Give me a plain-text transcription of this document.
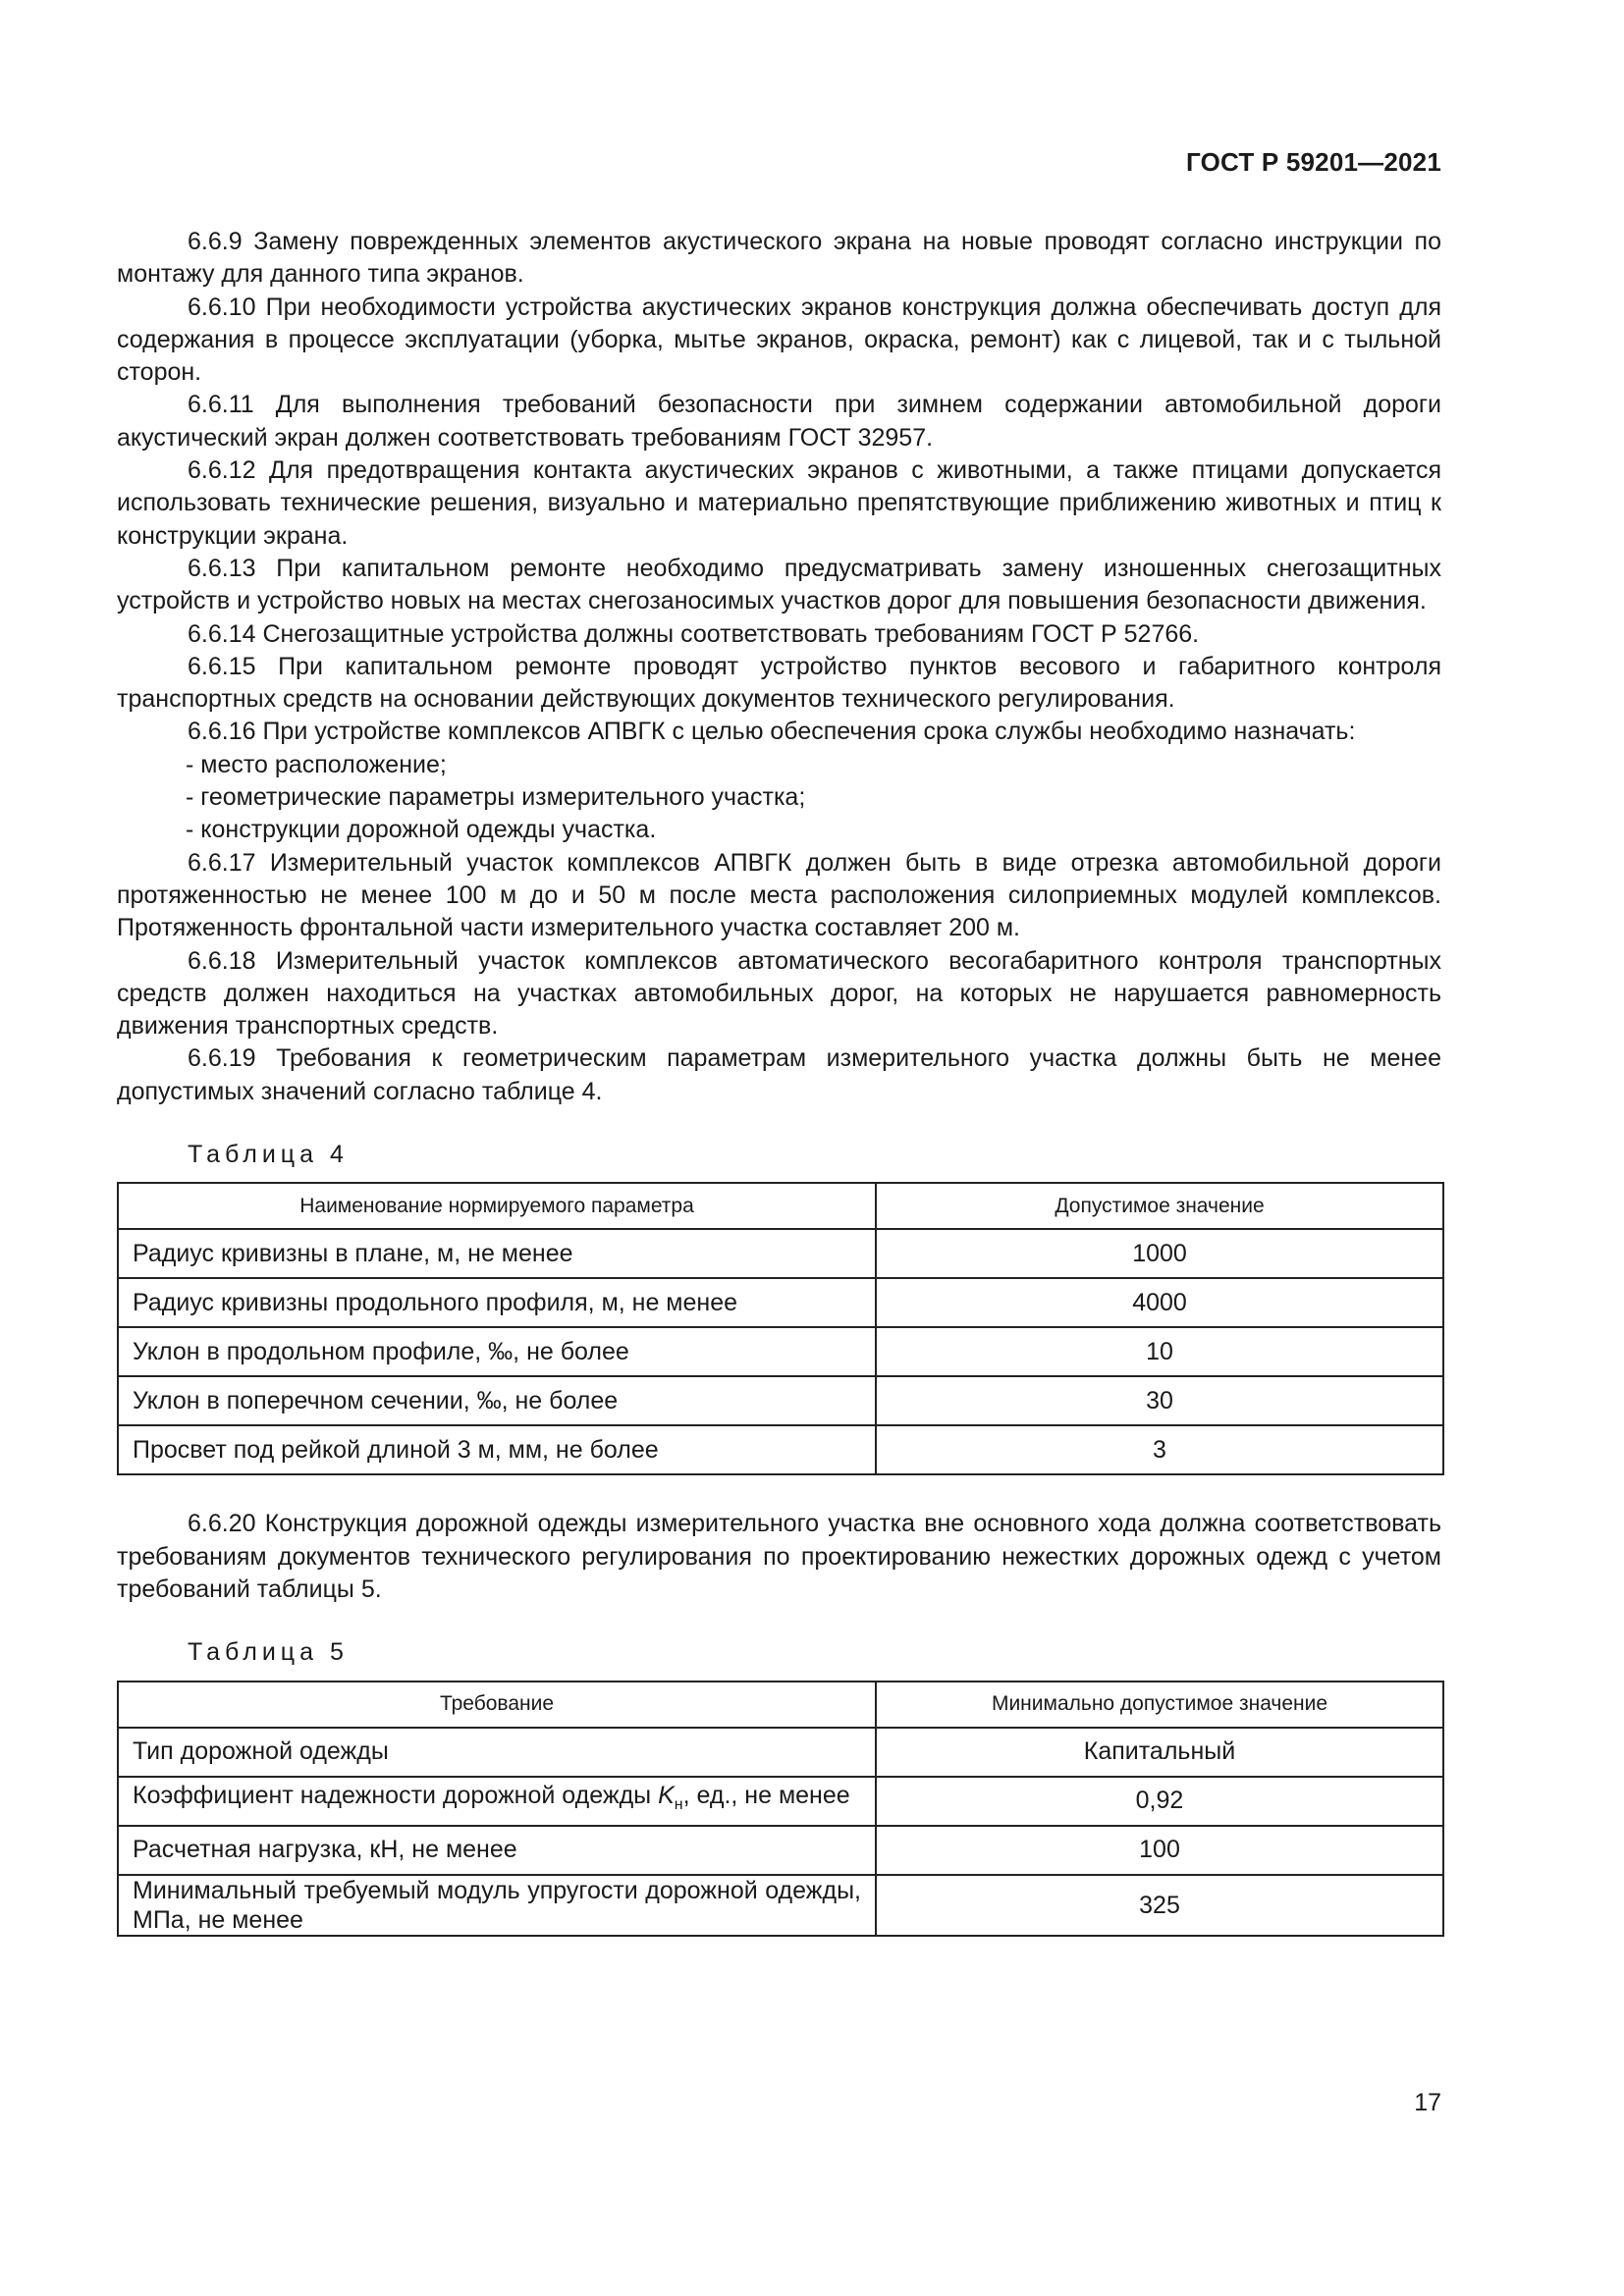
ГОСТ Р 59201—2021

6.6.9 Замену поврежденных элементов акустического экрана на новые проводят согласно инструкции по монтажу для данного типа экранов.

6.6.10 При необходимости устройства акустических экранов конструкция должна обеспечивать доступ для содержания в процессе эксплуатации (уборка, мытье экранов, окраска, ремонт) как с лицевой, так и с тыльной сторон.

6.6.11 Для выполнения требований безопасности при зимнем содержании автомобильной дороги акустический экран должен соответствовать требованиям ГОСТ 32957.

6.6.12 Для предотвращения контакта акустических экранов с животными, а также птицами допускается использовать технические решения, визуально и материально препятствующие приближению животных и птиц к конструкции экрана.

6.6.13 При капитальном ремонте необходимо предусматривать замену изношенных снегозащитных устройств и устройство новых на местах снегозаносимых участков дорог для повышения безопасности движения.

6.6.14 Снегозащитные устройства должны соответствовать требованиям ГОСТ Р 52766.

6.6.15 При капитальном ремонте проводят устройство пунктов весового и габаритного контроля транспортных средств на основании действующих документов технического регулирования.

6.6.16 При устройстве комплексов АПВГК с целью обеспечения срока службы необходимо назначать:

- место расположение;

- геометрические параметры измерительного участка;

- конструкции дорожной одежды участка.

6.6.17 Измерительный участок комплексов АПВГК должен быть в виде отрезка автомобильной дороги протяженностью не менее 100 м до и 50 м после места расположения силоприемных модулей комплексов. Протяженность фронтальной части измерительного участка составляет 200 м.

6.6.18 Измерительный участок комплексов автоматического весогабаритного контроля транспортных средств должен находиться на участках автомобильных дорог, на которых не нарушается равномерность движения транспортных средств.

6.6.19 Требования к геометрическим параметрам измерительного участка должны быть не менее допустимых значений согласно таблице 4.

Таблица 4

Наименование нормируемого параметра	Допустимое значение
Радиус кривизны в плане, м, не менее	1000
Радиус кривизны продольного профиля, м, не менее	4000
Уклон в продольном профиле, ‰, не более	10
Уклон в поперечном сечении, ‰, не более	30
Просвет под рейкой длиной 3 м, мм, не более	3

6.6.20 Конструкция дорожной одежды измерительного участка вне основного хода должна соответствовать требованиям документов технического регулирования по проектированию нежестких дорожных одежд с учетом требований таблицы 5.

Таблица 5

Требование	Минимально допустимое значение
Тип дорожной одежды	Капитальный
Коэффициент надежности дорожной одежды $K_н$, ед., не менее	0,92
Расчетная нагрузка, кН, не менее	100
Минимальный требуемый модуль упругости дорожной одежды, МПа, не менее	325
17
